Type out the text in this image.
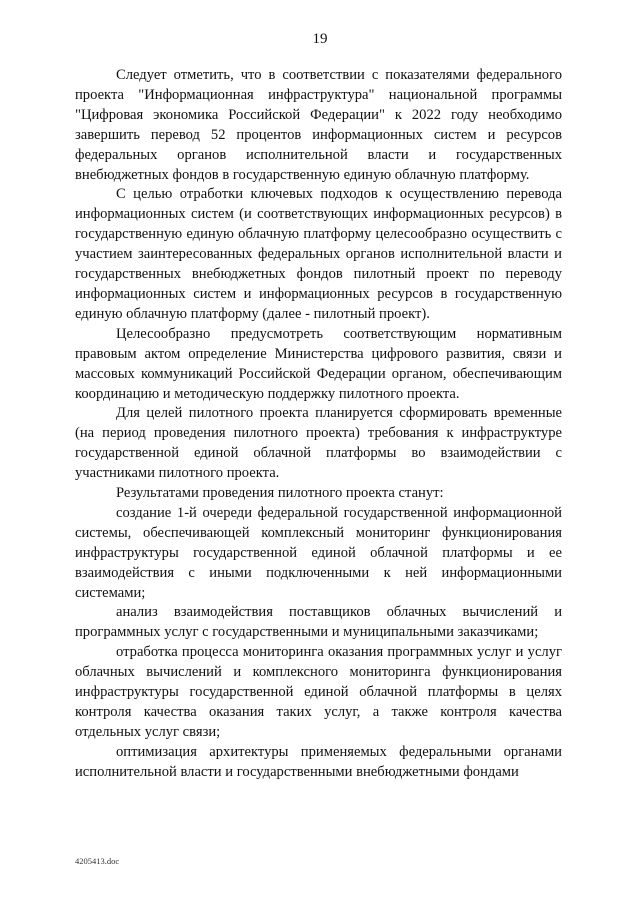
19

Следует отметить, что в соответствии с показателями федерального проекта "Информационная инфраструктура" национальной программы "Цифровая экономика Российской Федерации" к 2022 году необходимо завершить перевод 52 процентов информационных систем и ресурсов федеральных органов исполнительной власти и государственных внебюджетных фондов в государственную единую облачную платформу.

С целью отработки ключевых подходов к осуществлению перевода информационных систем (и соответствующих информационных ресурсов) в государственную единую облачную платформу целесообразно осуществить с участием заинтересованных федеральных органов исполнительной власти и государственных внебюджетных фондов пилотный проект по переводу информационных систем и информационных ресурсов в государственную единую облачную платформу (далее - пилотный проект).

Целесообразно предусмотреть соответствующим нормативным правовым актом определение Министерства цифрового развития, связи и массовых коммуникаций Российской Федерации органом, обеспечивающим координацию и методическую поддержку пилотного проекта.

Для целей пилотного проекта планируется сформировать временные (на период проведения пилотного проекта) требования к инфраструктуре государственной единой облачной платформы во взаимодействии с участниками пилотного проекта.

Результатами проведения пилотного проекта станут:

создание 1-й очереди федеральной государственной информационной системы, обеспечивающей комплексный мониторинг функционирования инфраструктуры государственной единой облачной платформы и ее взаимодействия с иными подключенными к ней информационными системами;

анализ взаимодействия поставщиков облачных вычислений и программных услуг с государственными и муниципальными заказчиками;

отработка процесса мониторинга оказания программных услуг и услуг облачных вычислений и комплексного мониторинга функционирования инфраструктуры государственной единой облачной платформы в целях контроля качества оказания таких услуг, а также контроля качества отдельных услуг связи;

оптимизация архитектуры применяемых федеральными органами исполнительной власти и государственными внебюджетными фондами

4205413.doc
